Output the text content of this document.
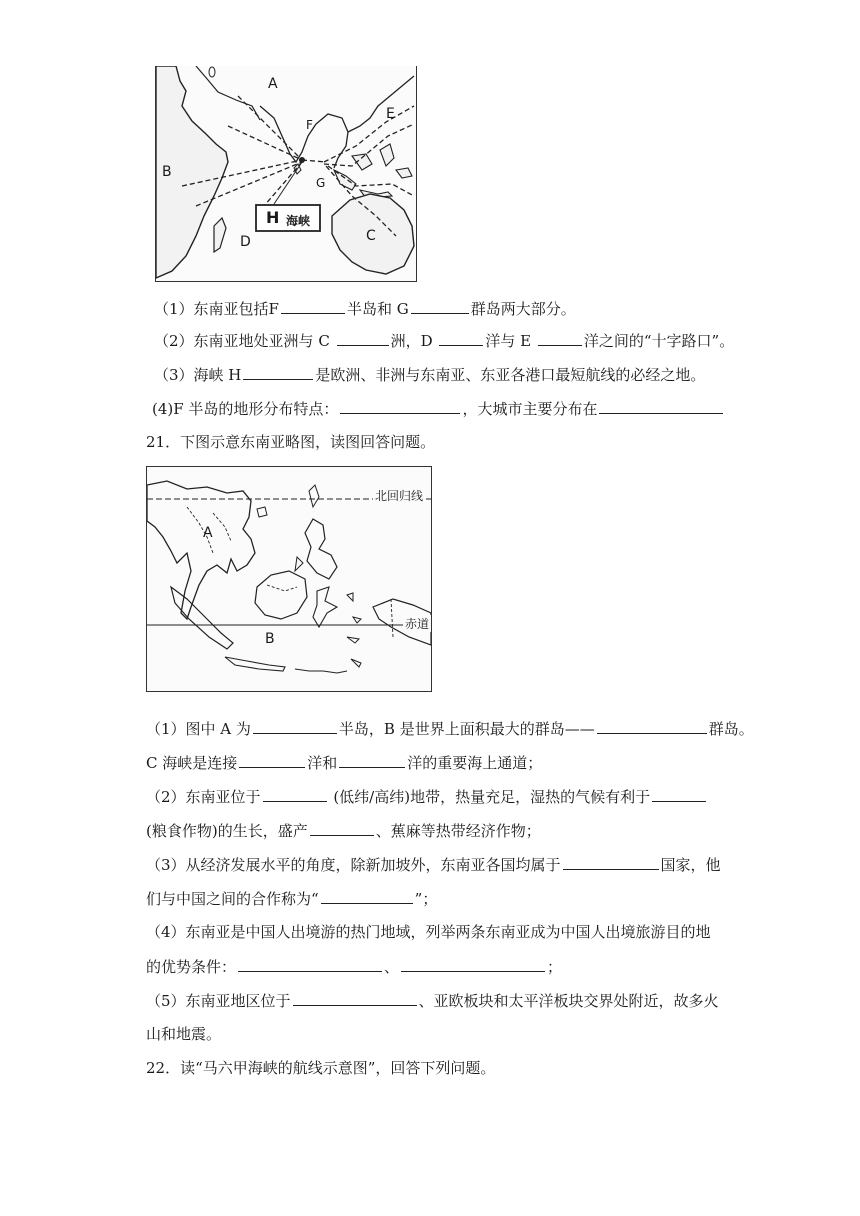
H 海峡
A
B
C
D
E
F
G
（1）东南亚包括F	半岛和 G	群岛两大部分。
（2）东南亚地处亚洲与 C	洲，D	洋与 E	洋之间的“十字路口”。
（3）海峡 H	是欧洲、非洲与东南亚、东亚各港口最短航线的必经之地。
(4)F 半岛的地形分布特点：	，大城市主要分布在
21．下图示意东南亚略图，读图回答问题。
北回归线
赤道
A
B
（1）图中 A 为	半岛，B 是世界上面积最大的群岛——	群岛。
C 海峡是连接	洋和	洋的重要海上通道；
（2）东南亚位于	(低纬/高纬)地带，热量充足，湿热的气候有利于
(粮食作物)的生长，盛产	、蕉麻等热带经济作物；
（3）从经济发展水平的角度，除新加坡外，东南亚各国均属于	国家，他
们与中国之间的合作称为“	”；
（4）东南亚是中国人出境游的热门地域，列举两条东南亚成为中国人出境旅游目的地
的优势条件：	、	；
（5）东南亚地区位于	、亚欧板块和太平洋板块交界处附近，故多火
山和地震。
22．读“马六甲海峡的航线示意图”，回答下列问题。
